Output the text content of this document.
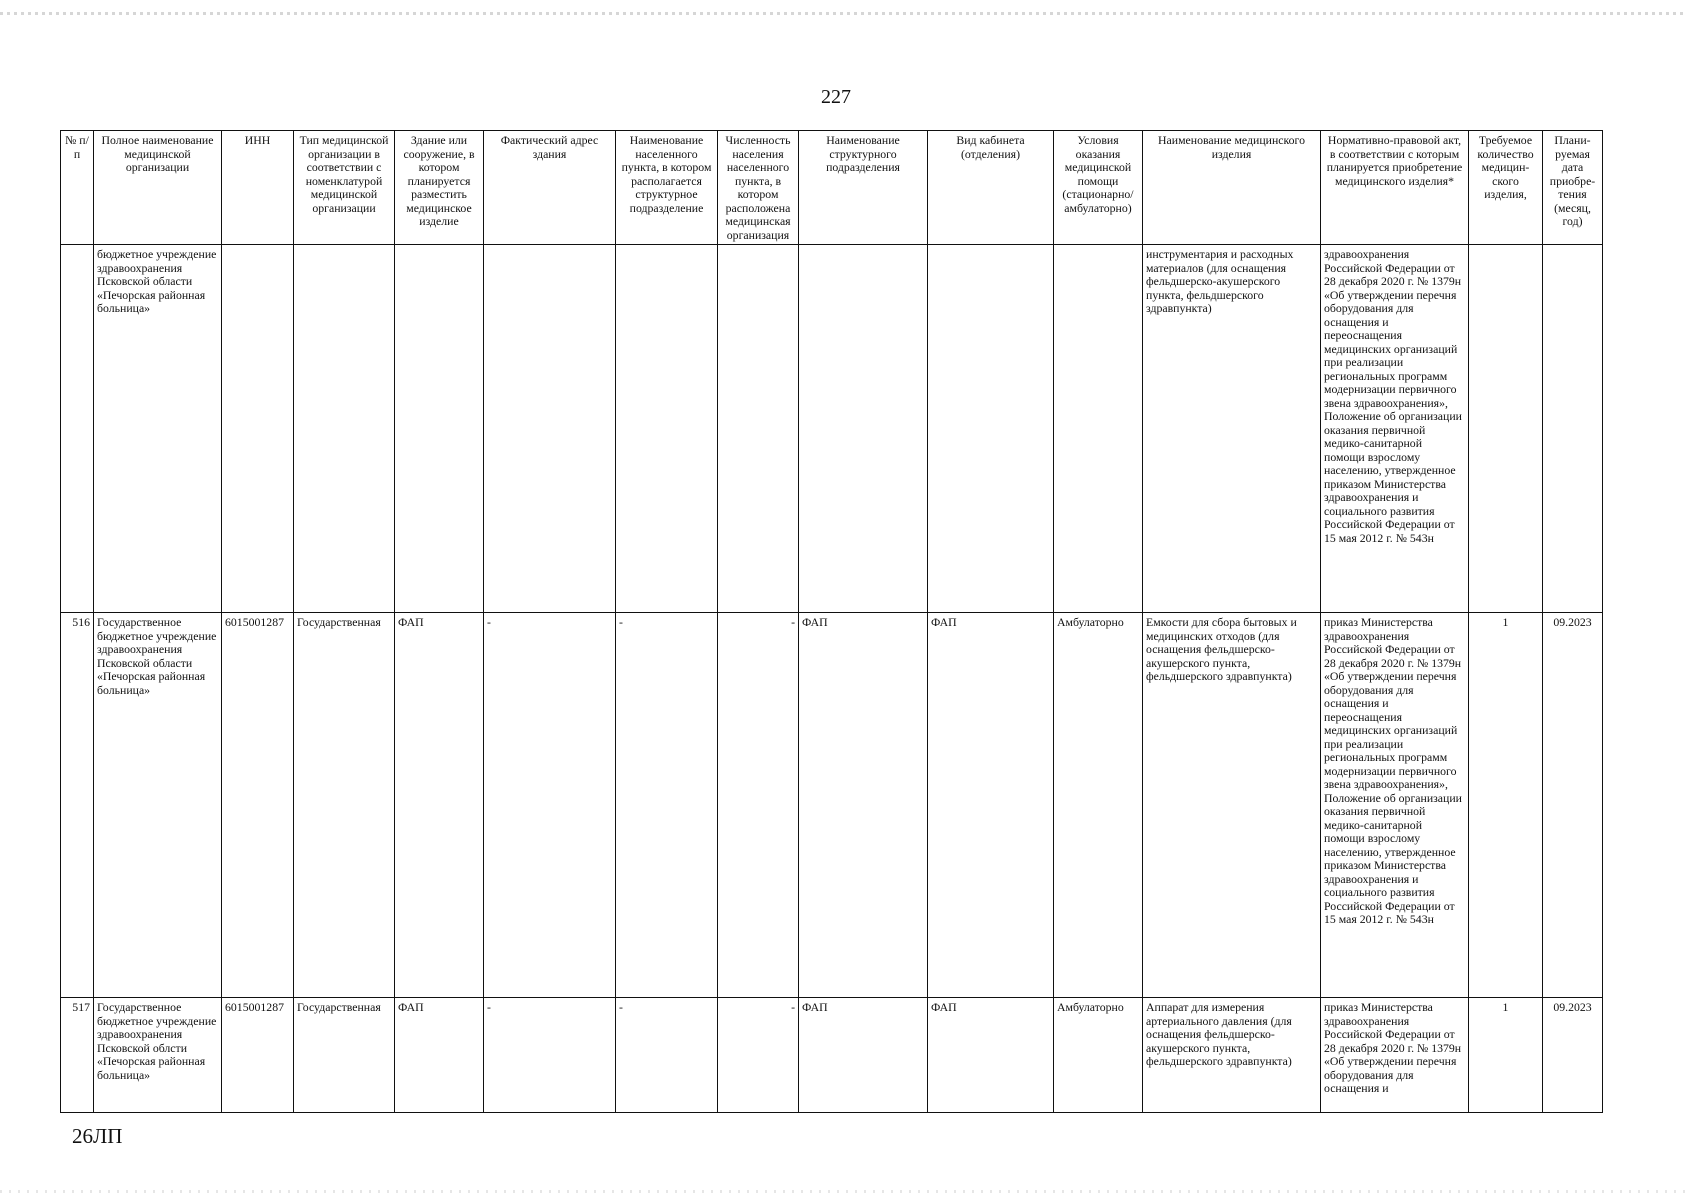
227
№ п/п	Полное наименование медицинской организации	ИНН	Тип медицинской организации в соответствии с номенклатурой медицинской организации	Здание или сооружение, в котором планируется разместить медицинское изделие	Фактический адрес здания	Наименование населенного пункта, в котором располагается структурное подразделение	Численность населения населенного пункта, в котором расположена медицинская организация	Наименование структурного подразделения	Вид кабинета (отделения)	Условия оказания медицинской помощи (стационарно/ амбулаторно)	Наименование медицинского изделия	Нормативно-правовой акт, в соответствии с которым планируется приобретение медицинского изделия*	Требуемое количество медицин-ского изделия,	Плани-руемая дата приобре-тения (месяц, год)
	бюджетное учреждение здравоохранения Псковской области «Печорская районная больница»										инструментария и расходных материалов (для оснащения фельдшерско-акушерского пункта, фельдшерского здравпункта)	здравоохранения Российской Федерации от 28 декабря 2020 г. № 1379н «Об утверждении перечня оборудования для оснащения и переоснащения медицинских организаций при реализации региональных программ модернизации первичного звена здравоохранения», Положение об организации оказания первичной медико-санитарной помощи взрослому населению, утвержденное приказом Министерства здравоохранения и социального развития Российской Федерации от 15 мая 2012 г. № 543н		
516	Государственное бюджетное учреждение здравоохранения Псковской области «Печорская районная больница»	6015001287	Государственная	ФАП	-	-	-	ФАП	ФАП	Амбулаторно	Емкости для сбора бытовых и медицинских отходов (для оснащения фельдшерско-акушерского пункта, фельдшерского здравпункта)	приказ Министерства здравоохранения Российской Федерации от 28 декабря 2020 г. № 1379н «Об утверждении перечня оборудования для оснащения и переоснащения медицинских организаций при реализации региональных программ модернизации первичного звена здравоохранения», Положение об организации оказания первичной медико-санитарной помощи взрослому населению, утвержденное приказом Министерства здравоохранения и социального развития Российской Федерации от 15 мая 2012 г. № 543н	1	09.2023
517	Государственное бюджетное учреждение здравоохранения Псковской облсти «Печорская районная больница»	6015001287	Государственная	ФАП	-	-	-	ФАП	ФАП	Амбулаторно	Аппарат для измерения артериального давления (для оснащения фельдшерско-акушерского пункта, фельдшерского здравпункта)	приказ Министерства здравоохранения Российской Федерации от 28 декабря 2020 г. № 1379н «Об утверждении перечня оборудования для оснащения и	1	09.2023
26ЛП
